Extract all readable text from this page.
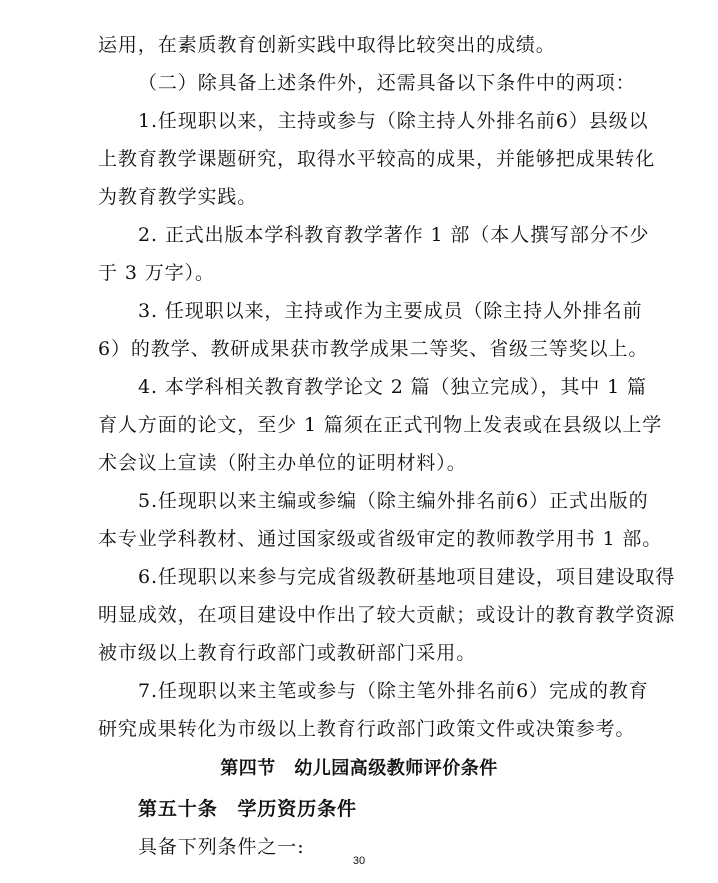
运用，在素质教育创新实践中取得比较突出的成绩。
（二）除具备上述条件外，还需具备以下条件中的两项：
1.任现职以来，主持或参与（除主持人外排名前6）县级以
上教育教学课题研究，取得水平较高的成果，并能够把成果转化
为教育教学实践。
2. 正式出版本学科教育教学著作 1 部（本人撰写部分不少
于 3 万字）。
3. 任现职以来，主持或作为主要成员（除主持人外排名前
6）的教学、教研成果获市教学成果二等奖、省级三等奖以上。
4. 本学科相关教育教学论文 2 篇（独立完成），其中 1 篇
育人方面的论文，至少 1 篇须在正式刊物上发表或在县级以上学
术会议上宣读（附主办单位的证明材料）。
5.任现职以来主编或参编（除主编外排名前6）正式出版的
本专业学科教材、通过国家级或省级审定的教师教学用书 1 部。
6.任现职以来参与完成省级教研基地项目建设，项目建设取得
明显成效，在项目建设中作出了较大贡献；或设计的教育教学资源
被市级以上教育行政部门或教研部门采用。
7.任现职以来主笔或参与（除主笔外排名前6）完成的教育
研究成果转化为市级以上教育行政部门政策文件或决策参考。
第四节　幼儿园高级教师评价条件
第五十条　学历资历条件
具备下列条件之一:
30
